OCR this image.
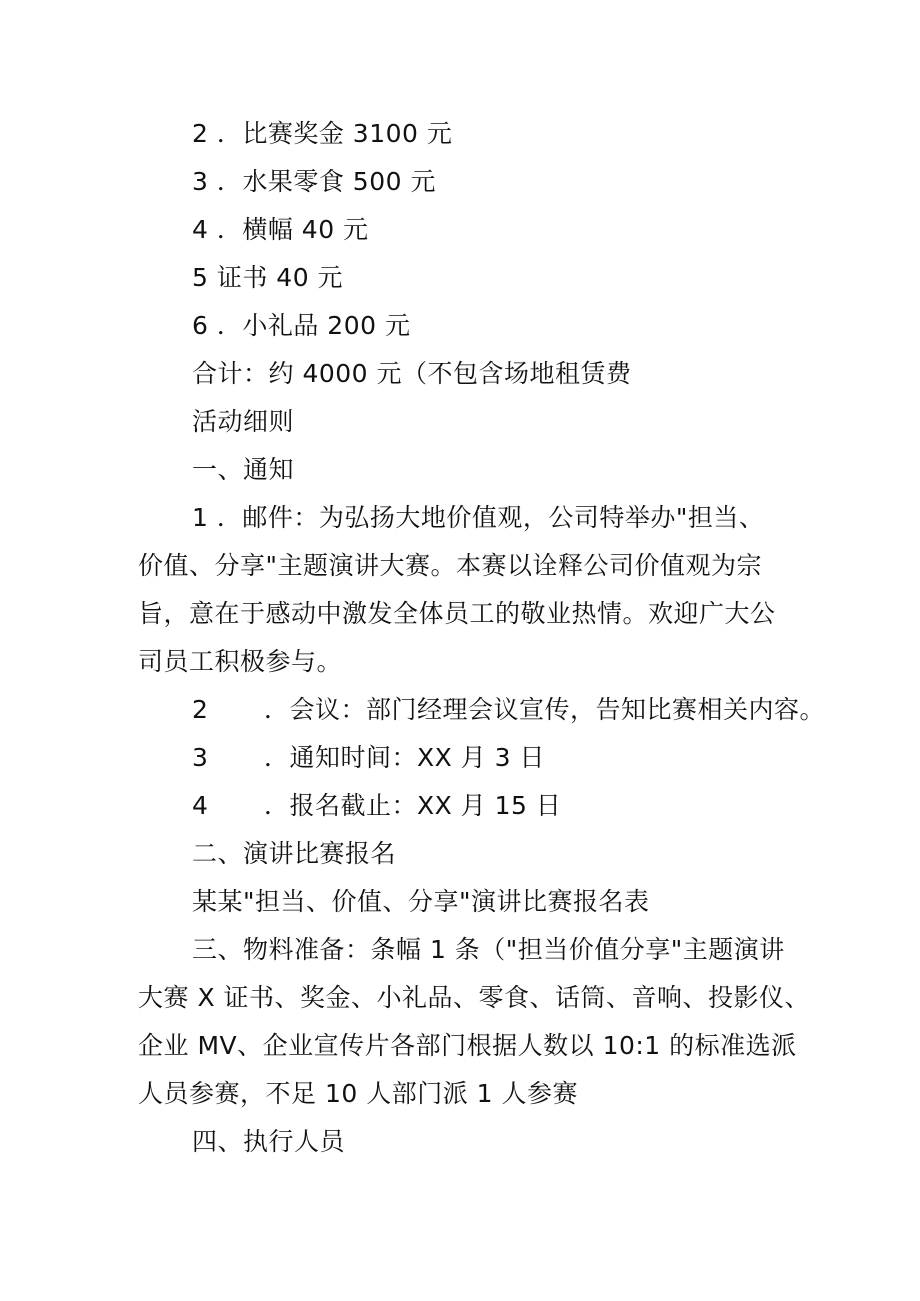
2 ．比赛奖金 3100 元
3 ．水果零食 500 元
4 ．横幅 40 元
5 证书 40 元
6 ．小礼品 200 元
合计：约 4000 元（不包含场地租赁费
活动细则
一、通知
1 ．邮件：为弘扬大地价值观，公司特举办"担当、
价值、分享"主题演讲大赛。本赛以诠释公司价值观为宗
旨，意在于感动中激发全体员工的敬业热情。欢迎广大公
司员工积极参与。
2 ．会议：部门经理会议宣传，告知比赛相关内容。
3 ．通知时间：XX 月 3 日
4 ．报名截止：XX 月 15 日
二、演讲比赛报名
某某"担当、价值、分享"演讲比赛报名表
三、物料准备：条幅 1 条（"担当价值分享"主题演讲
大赛 X 证书、奖金、小礼品、零食、话筒、音响、投影仪、
企业 MV、企业宣传片各部门根据人数以 10:1 的标准选派
人员参赛，不足 10 人部门派 1 人参赛
四、执行人员
